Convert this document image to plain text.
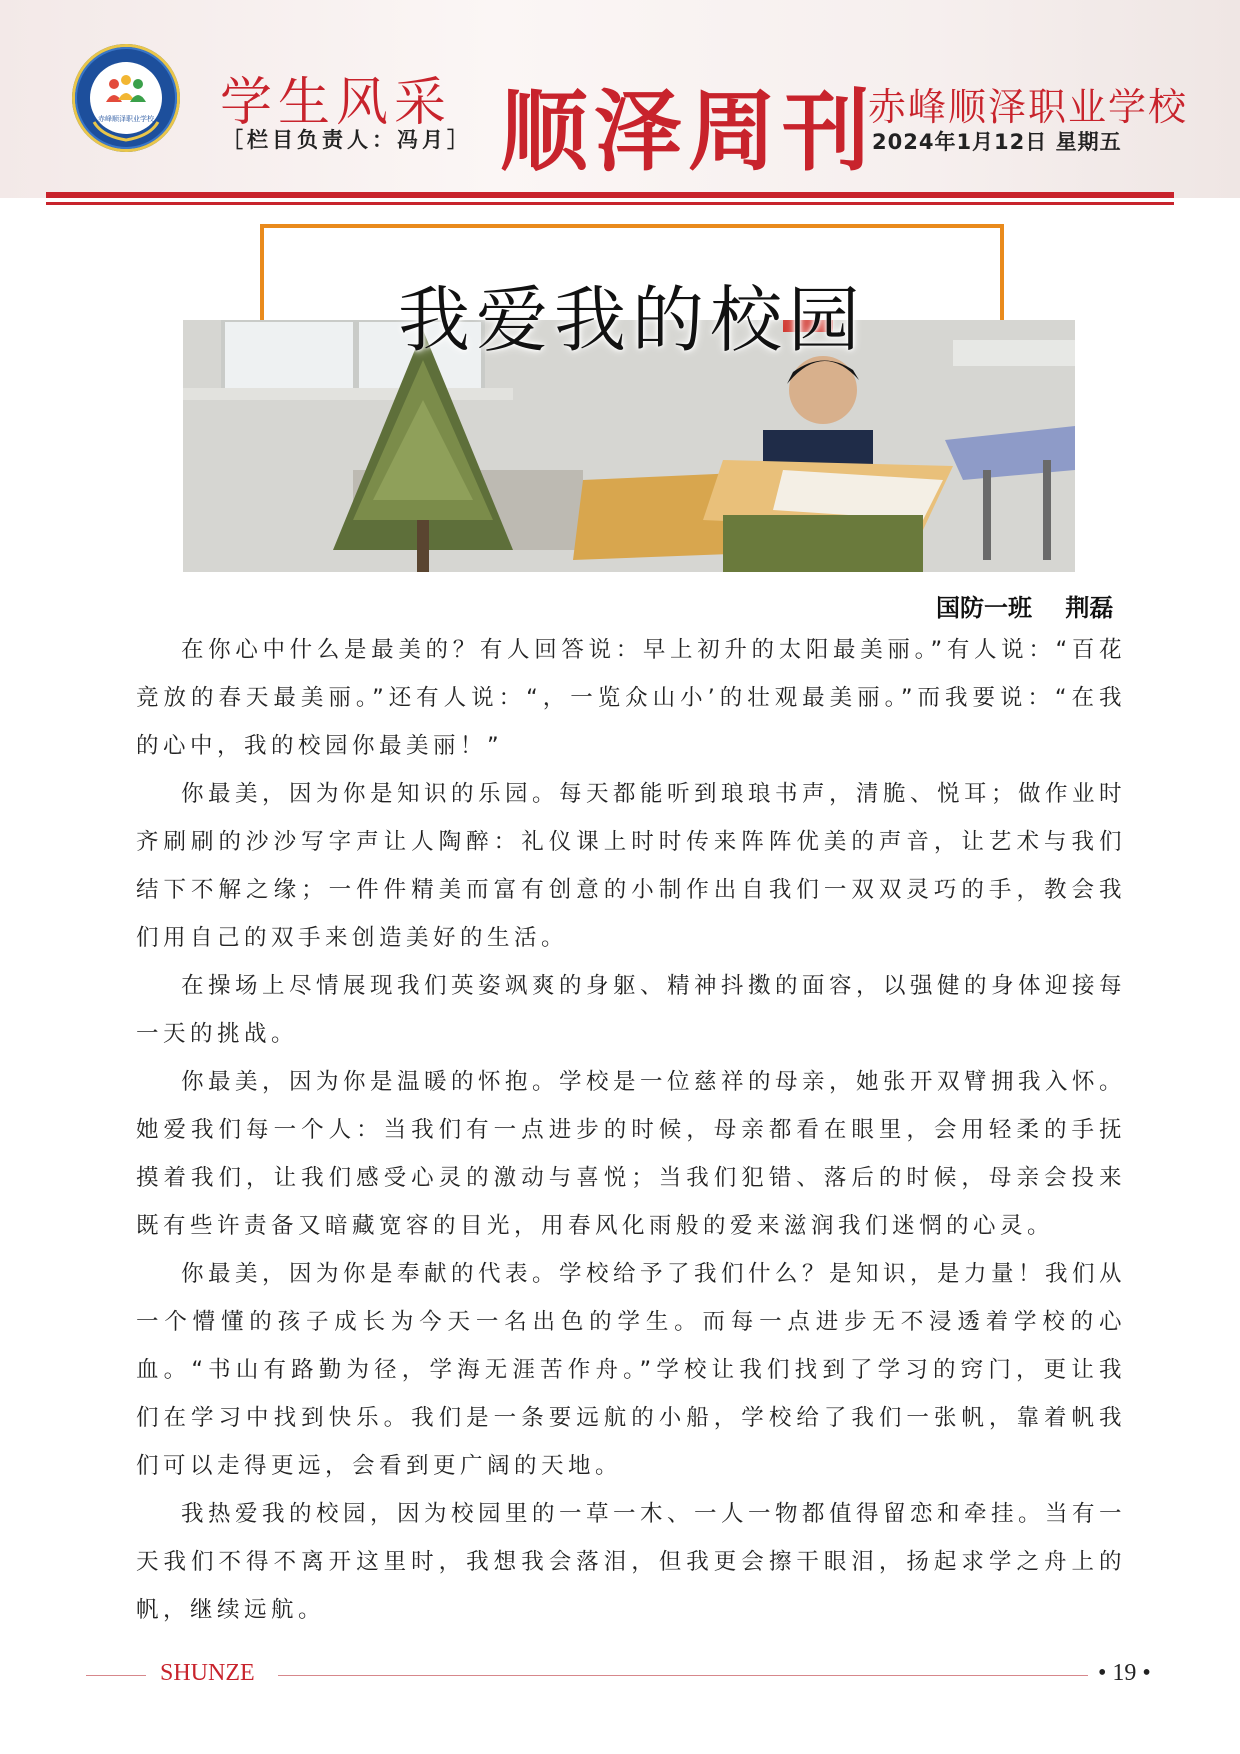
赤峰顺泽职业学校 学生风采
［栏目负责人：冯月］ 顺泽周刊
赤峰顺泽职业学校
2024年1月12日 星期五
我爱我的校园
国防一班    荆磊

在你心中什么是最美的？有人回答说：早上初升的太阳最美丽。”有人说：“百花竞放的春天最美丽。”还有人说：“，一览众山小’的壮观最美丽。”而我要说：“在我的心中，我的校园你最美丽！”

你最美，因为你是知识的乐园。每天都能听到琅琅书声，清脆、悦耳；做作业时齐刷刷的沙沙写字声让人陶醉：礼仪课上时时传来阵阵优美的声音，让艺术与我们结下不解之缘；一件件精美而富有创意的小制作出自我们一双双灵巧的手，教会我们用自己的双手来创造美好的生活。

在操场上尽情展现我们英姿飒爽的身躯、精神抖擞的面容，以强健的身体迎接每一天的挑战。

你最美，因为你是温暖的怀抱。学校是一位慈祥的母亲，她张开双臂拥我入怀。她爱我们每一个人：当我们有一点进步的时候，母亲都看在眼里，会用轻柔的手抚摸着我们，让我们感受心灵的激动与喜悦；当我们犯错、落后的时候，母亲会投来既有些许责备又暗藏宽容的目光，用春风化雨般的爱来滋润我们迷惘的心灵。

你最美，因为你是奉献的代表。学校给予了我们什么？是知识，是力量！我们从一个懵懂的孩子成长为今天一名出色的学生。而每一点进步无不浸透着学校的心血。“书山有路勤为径，学海无涯苦作舟。”学校让我们找到了学习的窍门，更让我们在学习中找到快乐。我们是一条要远航的小船，学校给了我们一张帆，靠着帆我们可以走得更远，会看到更广阔的天地。

我热爱我的校园，因为校园里的一草一木、一人一物都值得留恋和牵挂。当有一天我们不得不离开这里时，我想我会落泪，但我更会擦干眼泪，扬起求学之舟上的帆，继续远航。

SHUNZE	• 19 •
